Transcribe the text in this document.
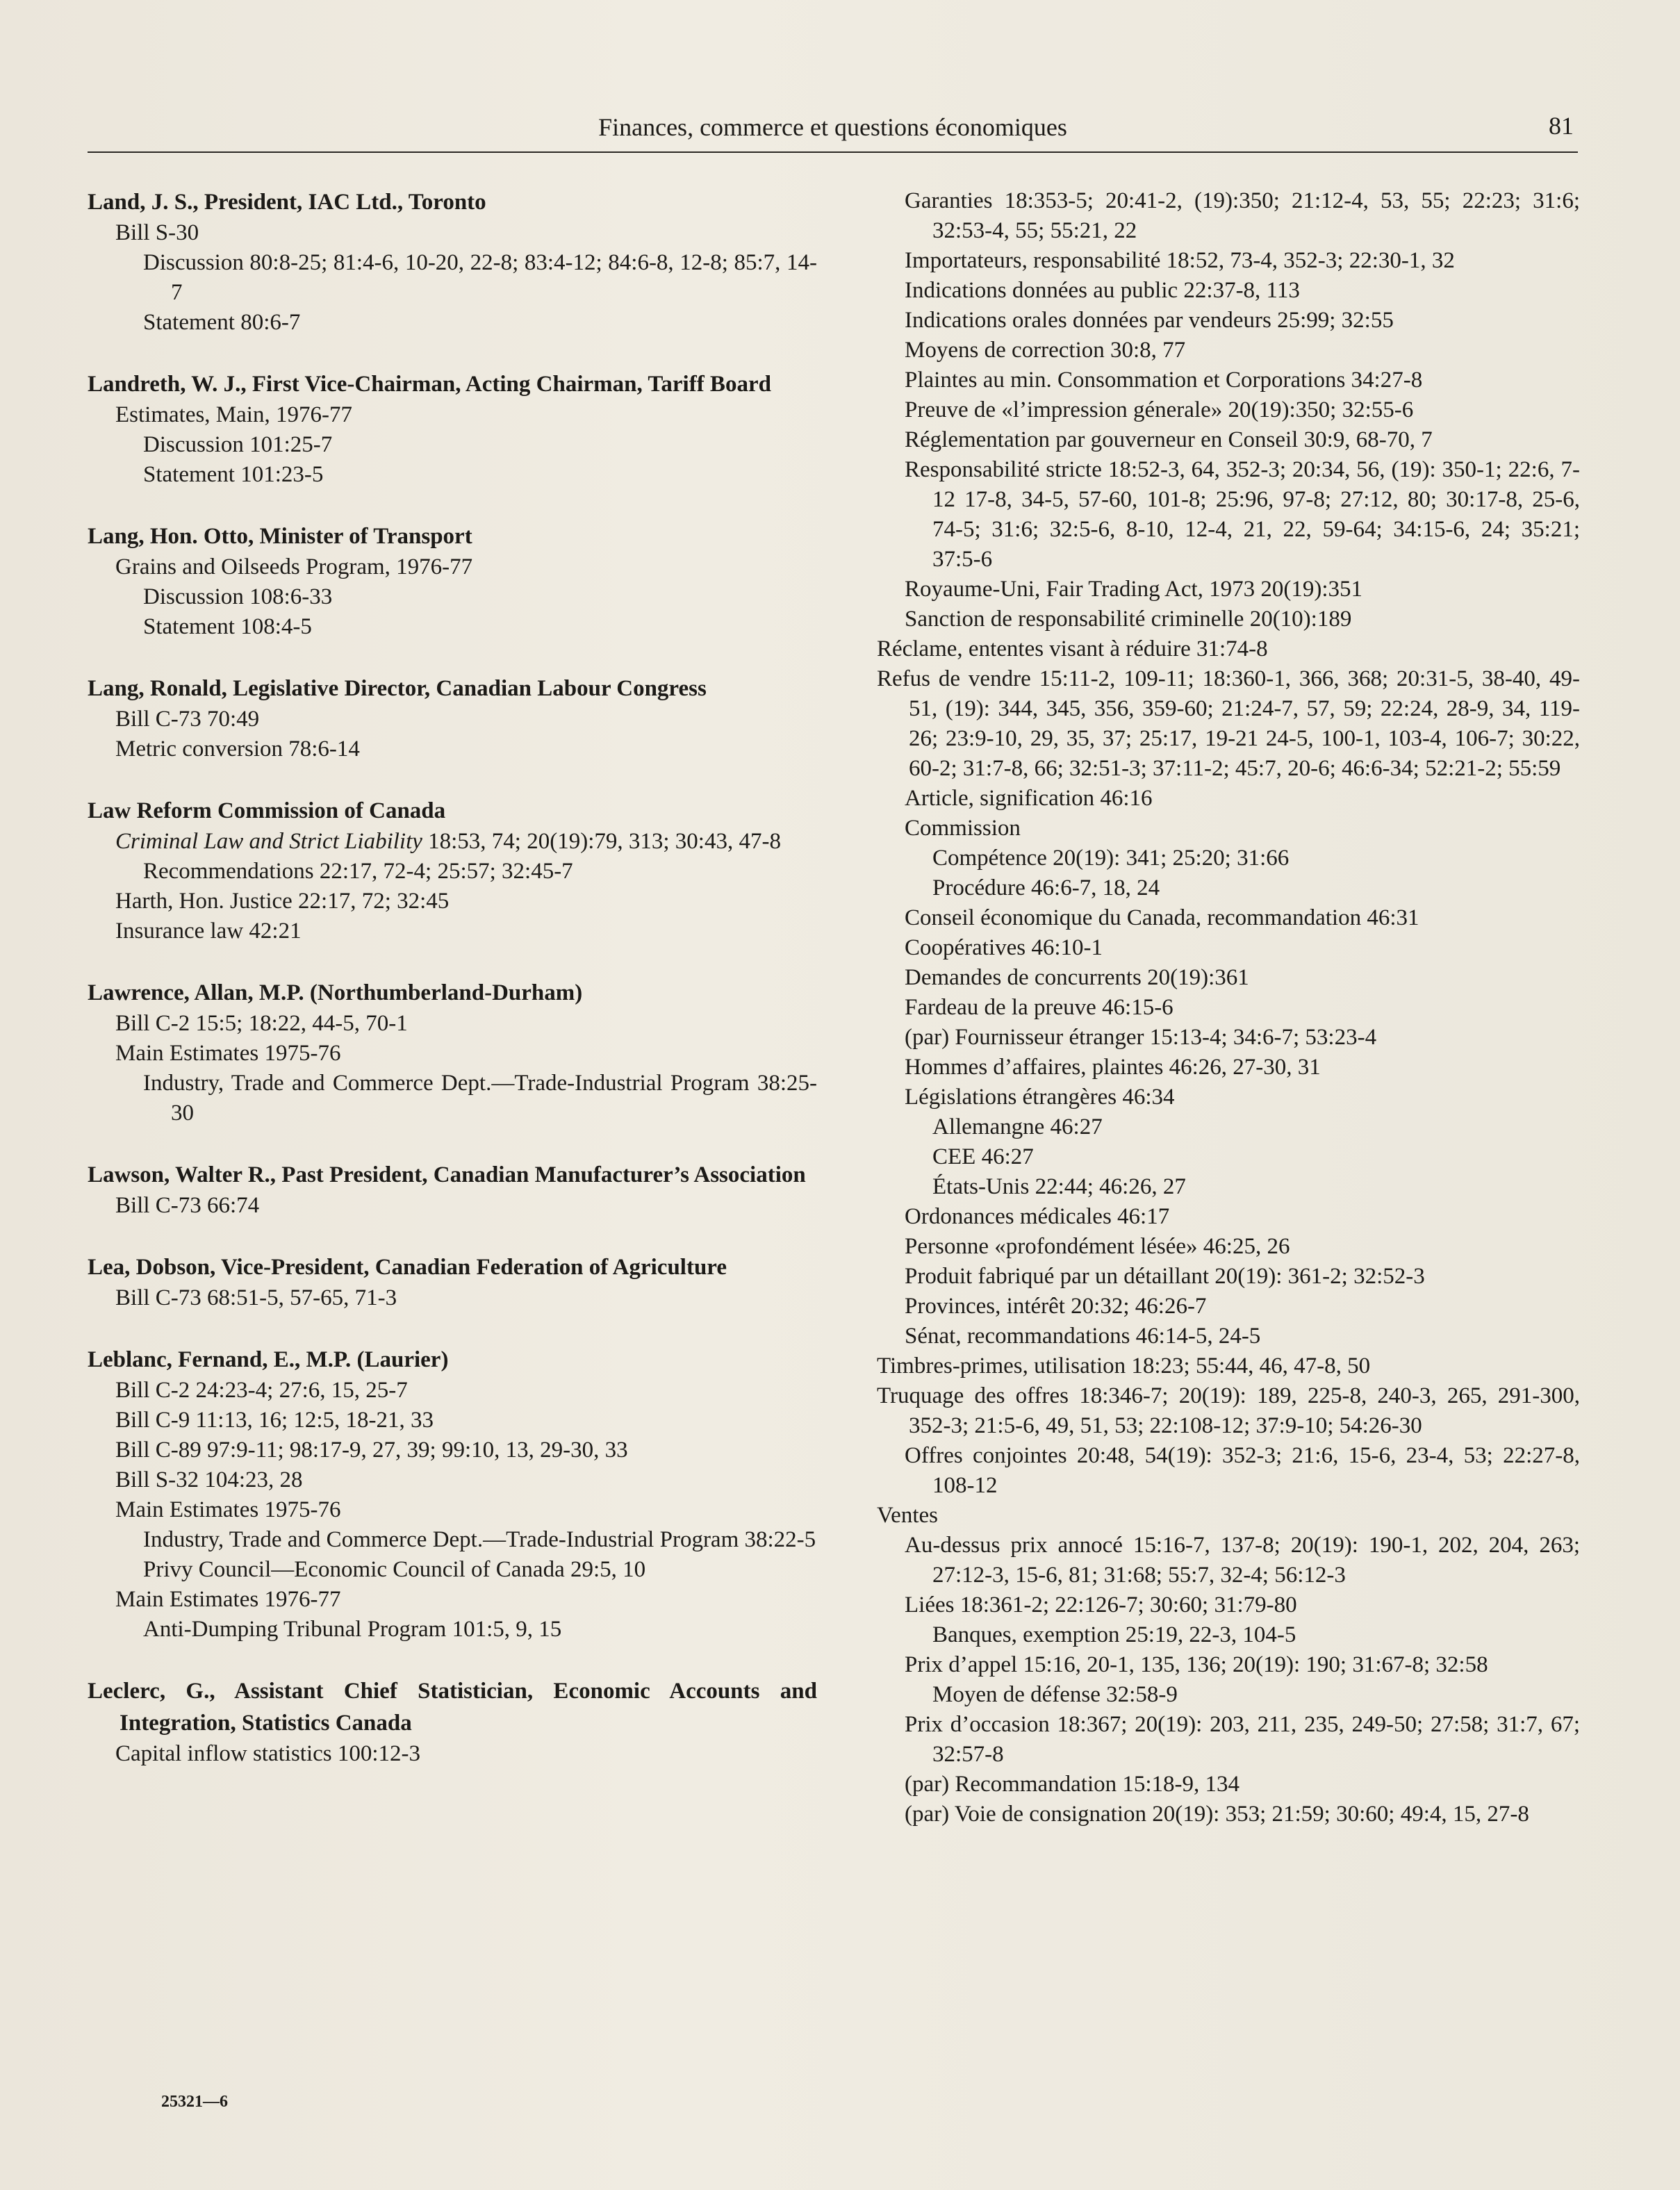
Finances, commerce et questions économiques	81
Land, J. S., President, IAC Ltd., Toronto
Bill S-30
Discussion 80:8-25; 81:4-6, 10-20, 22-8; 83:4-12; 84:6-8, 12-8; 85:7, 14-7
Statement 80:6-7
Landreth, W. J., First Vice-Chairman, Acting Chairman, Tariff Board
Estimates, Main, 1976-77
Discussion 101:25-7
Statement 101:23-5
Lang, Hon. Otto, Minister of Transport
Grains and Oilseeds Program, 1976-77
Discussion 108:6-33
Statement 108:4-5
Lang, Ronald, Legislative Director, Canadian Labour Congress
Bill C-73 70:49
Metric conversion 78:6-14
Law Reform Commission of Canada
Criminal Law and Strict Liability 18:53, 74; 20(19):79, 313; 30:43, 47-8
Recommendations 22:17, 72-4; 25:57; 32:45-7
Harth, Hon. Justice 22:17, 72; 32:45
Insurance law 42:21
Lawrence, Allan, M.P. (Northumberland-Durham)
Bill C-2 15:5; 18:22, 44-5, 70-1
Main Estimates 1975-76
Industry, Trade and Commerce Dept.—Trade-Industrial Program 38:25-30
Lawson, Walter R., Past President, Canadian Manufacturer’s Association
Bill C-73 66:74
Lea, Dobson, Vice-President, Canadian Federation of Agriculture
Bill C-73 68:51-5, 57-65, 71-3
Leblanc, Fernand, E., M.P. (Laurier)
Bill C-2 24:23-4; 27:6, 15, 25-7
Bill C-9 11:13, 16; 12:5, 18-21, 33
Bill C-89 97:9-11; 98:17-9, 27, 39; 99:10, 13, 29-30, 33
Bill S-32 104:23, 28
Main Estimates 1975-76
Industry, Trade and Commerce Dept.—Trade-Industrial Program 38:22-5
Privy Council—Economic Council of Canada 29:5, 10
Main Estimates 1976-77
Anti-Dumping Tribunal Program 101:5, 9, 15
Leclerc, G., Assistant Chief Statistician, Economic Accounts and Integration, Statistics Canada
Capital inflow statistics 100:12-3
Garanties 18:353-5; 20:41-2, (19):350; 21:12-4, 53, 55; 22:23; 31:6; 32:53-4, 55; 55:21, 22
Importateurs, responsabilité 18:52, 73-4, 352-3; 22:30-1, 32
Indications données au public 22:37-8, 113
Indications orales données par vendeurs 25:99; 32:55
Moyens de correction 30:8, 77
Plaintes au min. Consommation et Corporations 34:27-8
Preuve de «l’impression génerale» 20(19):350; 32:55-6
Réglementation par gouverneur en Conseil 30:9, 68-70, 7
Responsabilité stricte 18:52-3, 64, 352-3; 20:34, 56, (19): 350-1; 22:6, 7-12 17-8, 34-5, 57-60, 101-8; 25:96, 97-8; 27:12, 80; 30:17-8, 25-6, 74-5; 31:6; 32:5-6, 8-10, 12-4, 21, 22, 59-64; 34:15-6, 24; 35:21; 37:5-6
Royaume-Uni, Fair Trading Act, 1973 20(19):351
Sanction de responsabilité criminelle 20(10):189
Réclame, ententes visant à réduire 31:74-8
Refus de vendre 15:11-2, 109-11; 18:360-1, 366, 368; 20:31-5, 38-40, 49-51, (19): 344, 345, 356, 359-60; 21:24-7, 57, 59; 22:24, 28-9, 34, 119-26; 23:9-10, 29, 35, 37; 25:17, 19-21 24-5, 100-1, 103-4, 106-7; 30:22, 60-2; 31:7-8, 66; 32:51-3; 37:11-2; 45:7, 20-6; 46:6-34; 52:21-2; 55:59
Article, signification 46:16
Commission
Compétence 20(19): 341; 25:20; 31:66
Procédure 46:6-7, 18, 24
Conseil économique du Canada, recommandation 46:31
Coopératives 46:10-1
Demandes de concurrents 20(19):361
Fardeau de la preuve 46:15-6
(par) Fournisseur étranger 15:13-4; 34:6-7; 53:23-4
Hommes d’affaires, plaintes 46:26, 27-30, 31
Législations étrangères 46:34
Allemangne 46:27
CEE 46:27
États-Unis 22:44; 46:26, 27
Ordonances médicales 46:17
Personne «profondément lésée» 46:25, 26
Produit fabriqué par un détaillant 20(19): 361-2; 32:52-3
Provinces, intérêt 20:32; 46:26-7
Sénat, recommandations 46:14-5, 24-5
Timbres-primes, utilisation 18:23; 55:44, 46, 47-8, 50
Truquage des offres 18:346-7; 20(19): 189, 225-8, 240-3, 265, 291-300, 352-3; 21:5-6, 49, 51, 53; 22:108-12; 37:9-10; 54:26-30
Offres conjointes 20:48, 54(19): 352-3; 21:6, 15-6, 23-4, 53; 22:27-8, 108-12
Ventes
Au-dessus prix annocé 15:16-7, 137-8; 20(19): 190-1, 202, 204, 263; 27:12-3, 15-6, 81; 31:68; 55:7, 32-4; 56:12-3
Liées 18:361-2; 22:126-7; 30:60; 31:79-80
Banques, exemption 25:19, 22-3, 104-5
Prix d’appel 15:16, 20-1, 135, 136; 20(19): 190; 31:67-8; 32:58
Moyen de défense 32:58-9
Prix d’occasion 18:367; 20(19): 203, 211, 235, 249-50; 27:58; 31:7, 67; 32:57-8
(par) Recommandation 15:18-9, 134
(par) Voie de consignation 20(19): 353; 21:59; 30:60; 49:4, 15, 27-8
25321—6
